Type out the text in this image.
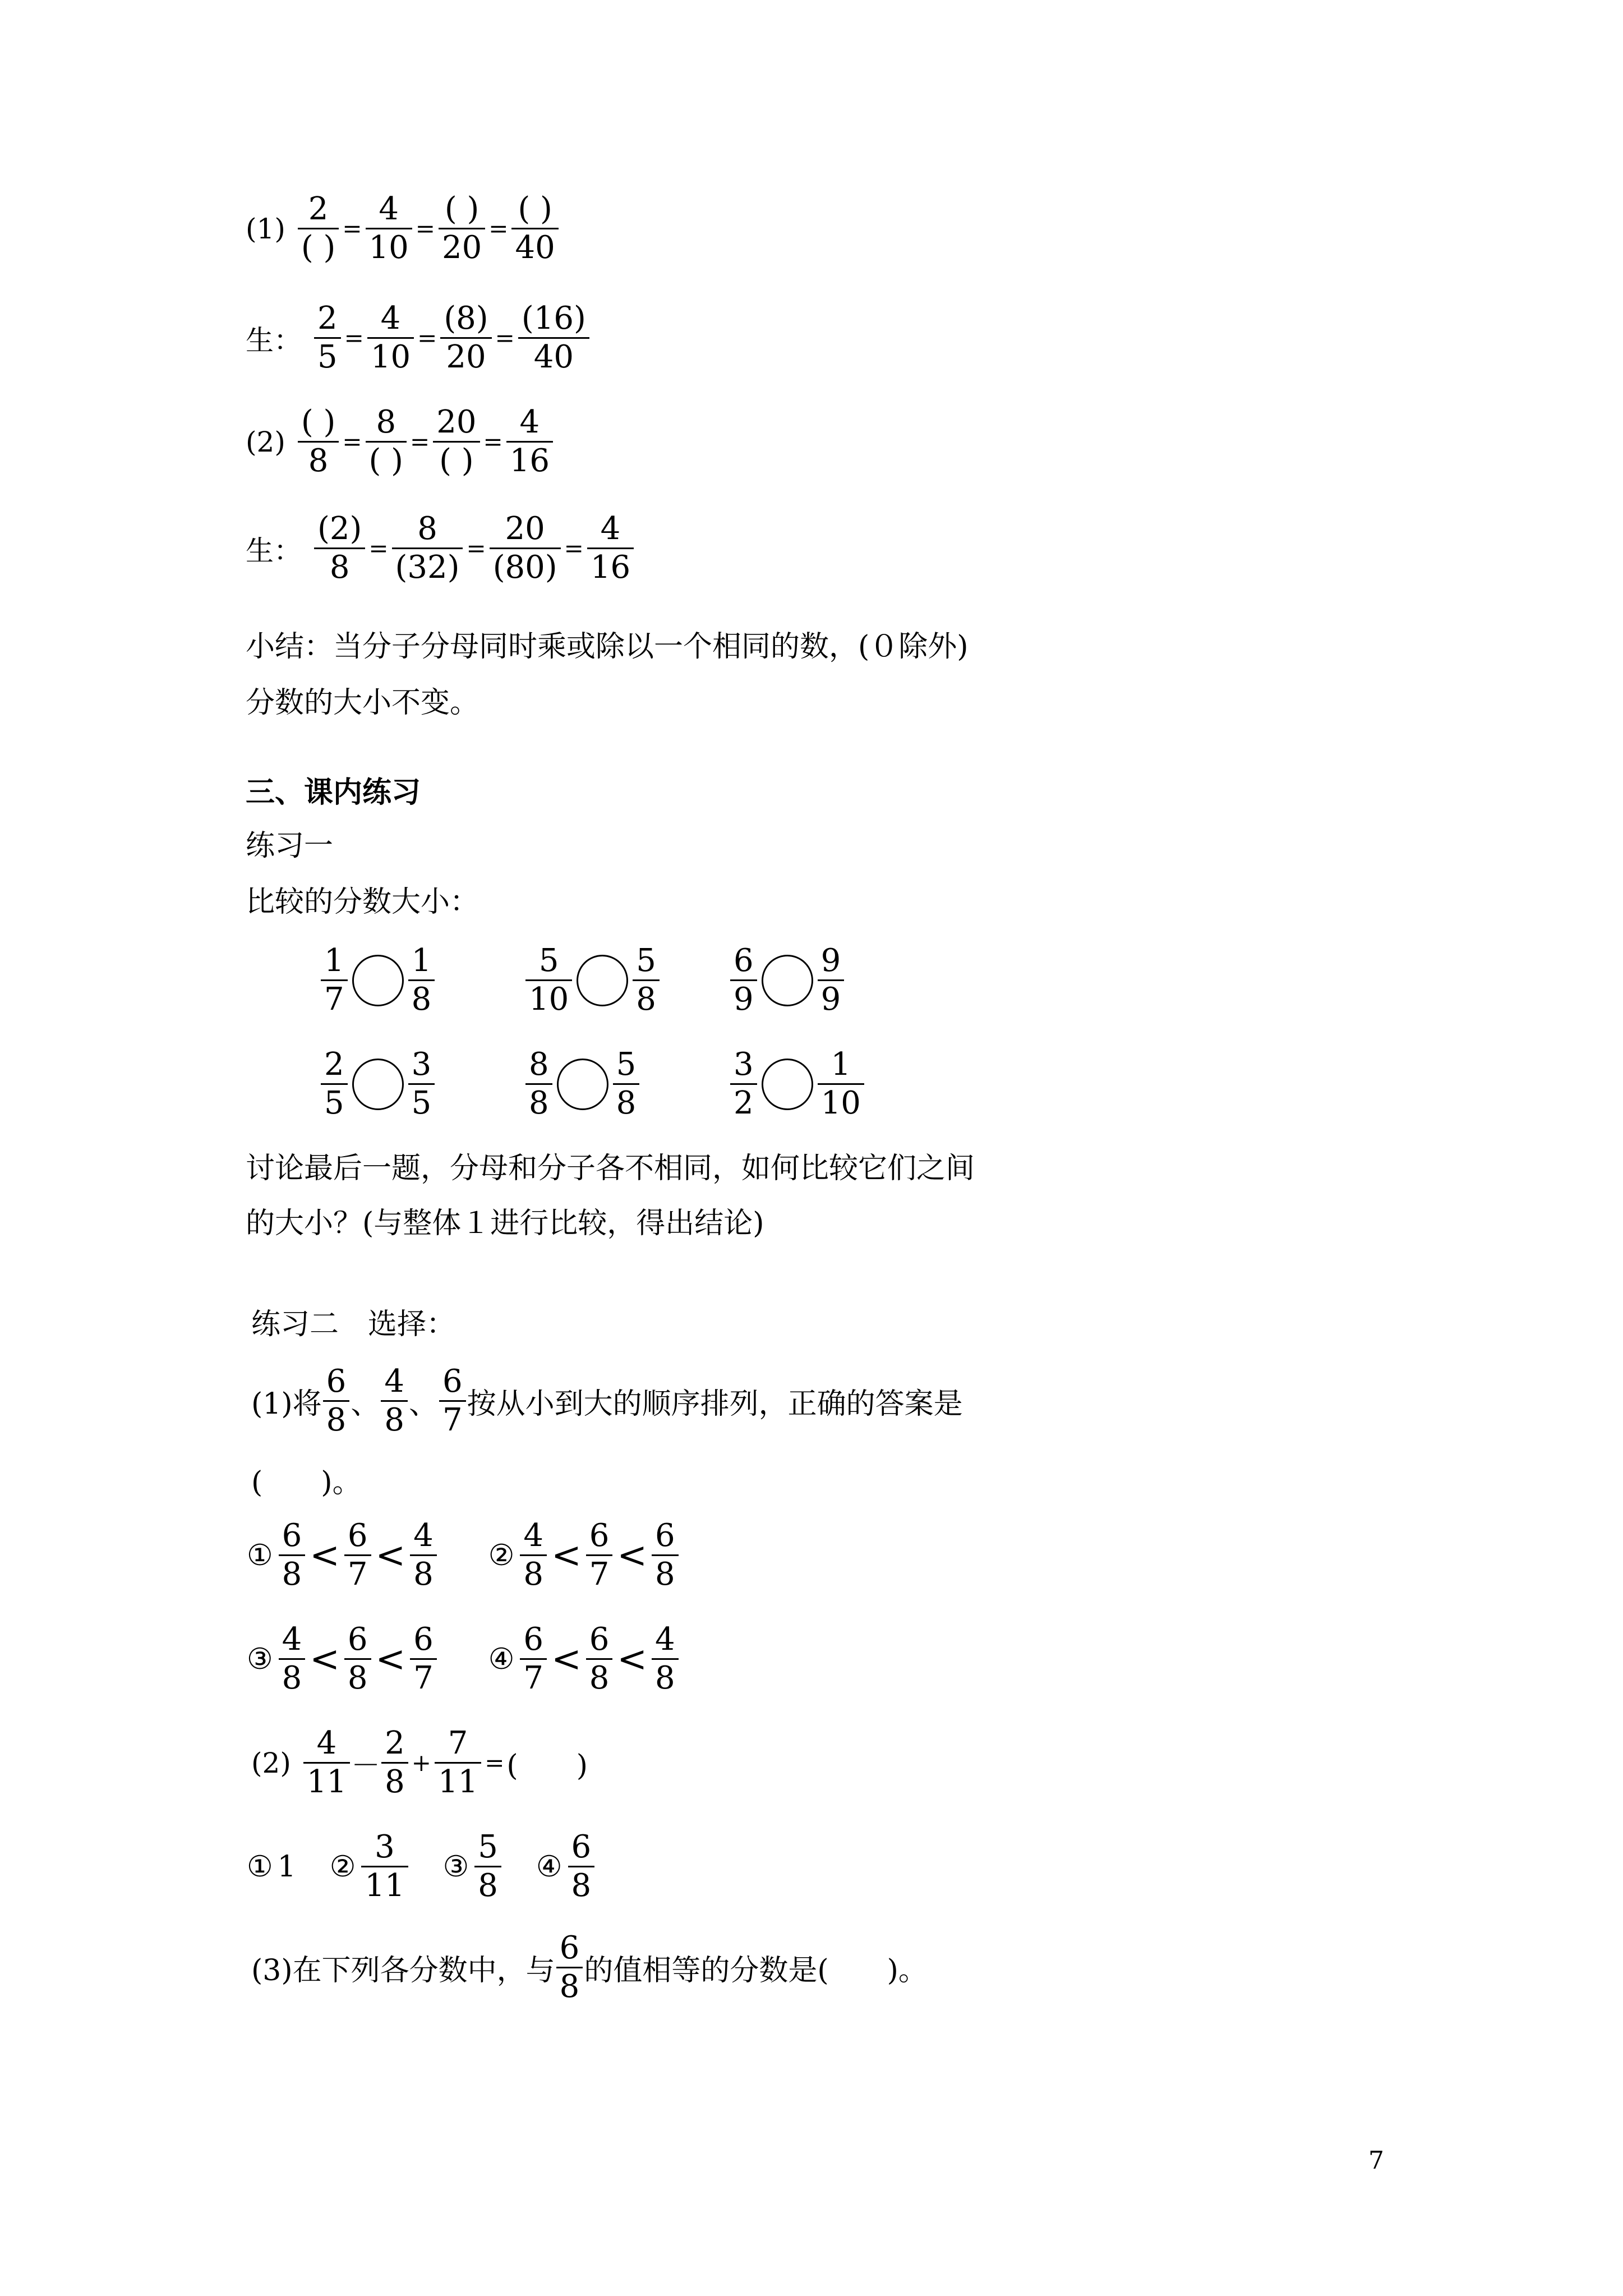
(1)
2
( )
=
4
10
=
( )
20
=
( )
40
生：
2
5
=
4
10
=
(8)
20
=
(16)
40
(2)
( )
8
=
8
( )
=
20
( )
=
4
16
生：
(2)
8
=
8
(32)
=
20
(80)
=
4
16
小结：当分子分母同时乘或除以一个相同的数，(０除外)
分数的大小不变。
三、课内练习
练习一
比较的分数大小：
1
7
1
8
5
10
5
8
6
9
9
9
2
5
3
5
8
8
5
8
3
2
1
10
讨论最后一题，分母和分子各不相同，如何比较它们之间
的大小？(与整体１进行比较，得出结论)
练习二　选择：
(1)将
6
8 、
4
8 、
6
7 按从小到大的顺序排列，正确的答案是
(　　)。
①
6
8 < 6
7 < 4
8
②
4
8 < 6
7 < 6
8
③
4
8 < 6
8 < 6
7
④
6
7 < 6
8 < 4
8
(2)
4
11 －
2
8
+
7
11
= (　　)
① 1 ②
3
11
③
5
8
④
6
8
(3)在下列各分数中，与
6
8 的值相等的分数是(　　)。
7
